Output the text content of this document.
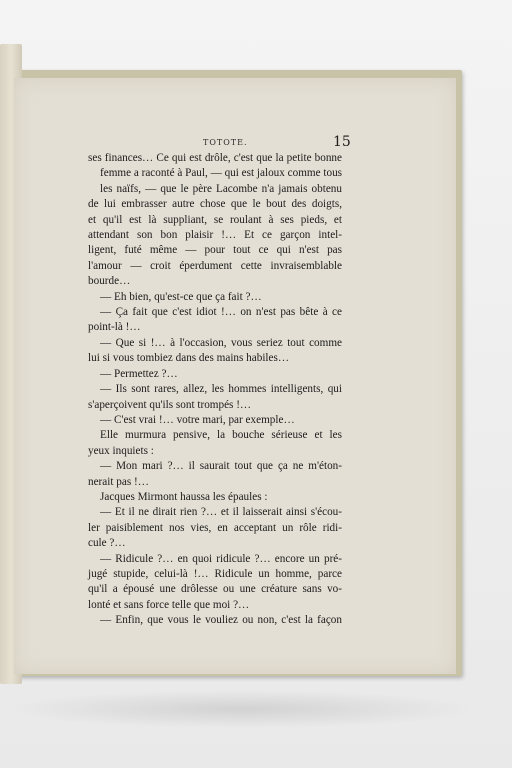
TOTOTE.	15
ses finances… Ce qui est drôle, c'est que la petite bonne
femme a raconté à Paul, — qui est jaloux comme tous
les naïfs, — que le père Lacombe n'a jamais obtenu
de lui embrasser autre chose que le bout des doigts,
et qu'il est là suppliant, se roulant à ses pieds, et
attendant son bon plaisir !… Et ce garçon intel-
ligent, futé même — pour tout ce qui n'est pas
l'amour — croit éperdument cette invraisemblable
bourde…
— Eh bien, qu'est-ce que ça fait ?…
— Ça fait que c'est idiot !… on n'est pas bête à ce
point-là !…
— Que si !… à l'occasion, vous seriez tout comme
lui si vous tombiez dans des mains habiles…
— Permettez ?…
— Ils sont rares, allez, les hommes intelligents, qui
s'aperçoivent qu'ils sont trompés !…
— C'est vrai !… votre mari, par exemple…
Elle murmura pensive, la bouche sérieuse et les
yeux inquiets :
— Mon mari ?… il saurait tout que ça ne m'éton-
nerait pas !…
Jacques Mirmont haussa les épaules :
— Et il ne dirait rien ?… et il laisserait ainsi s'écou-
ler paisiblement nos vies, en acceptant un rôle ridi-
cule ?…
— Ridicule ?… en quoi ridicule ?… encore un pré-
jugé stupide, celui-là !… Ridicule un homme, parce
qu'il a épousé une drôlesse ou une créature sans vo-
lonté et sans force telle que moi ?…
— Enfin, que vous le vouliez ou non, c'est la façon
